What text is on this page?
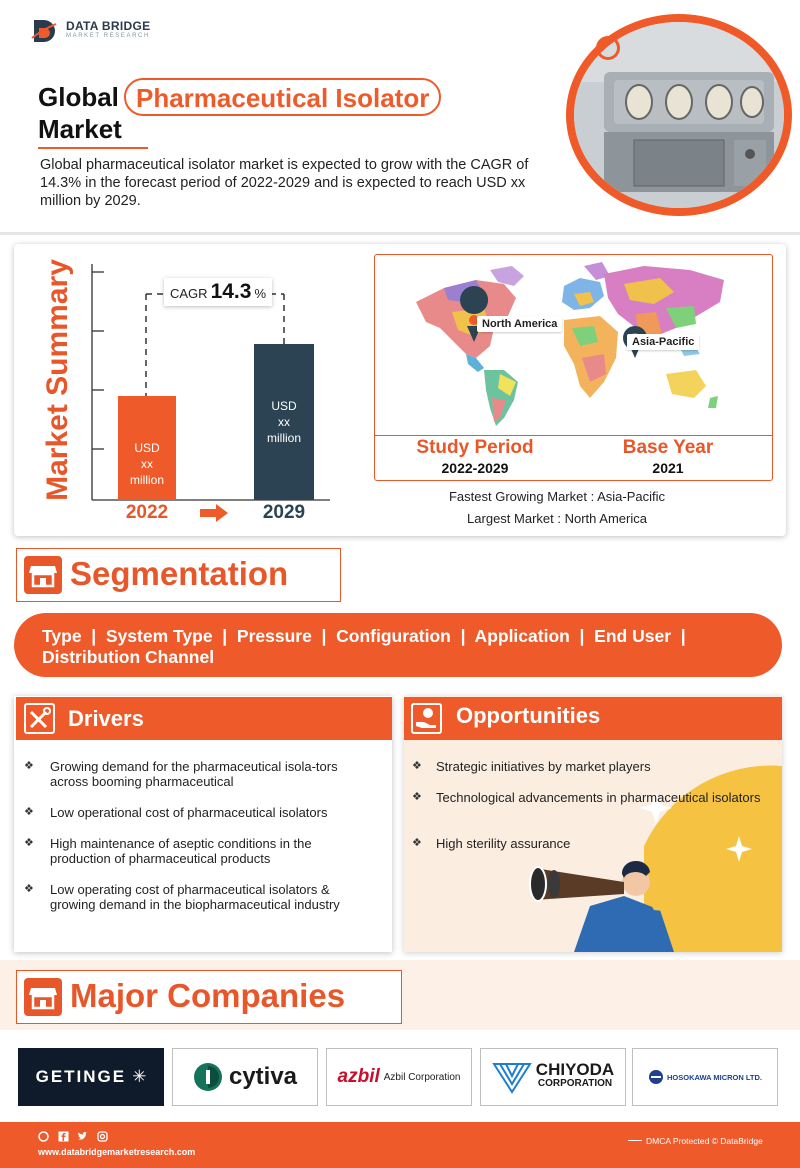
DATA BRIDGE
MARKET RESEARCH
Global Pharmaceutical Isolator
Market
Global pharmaceutical isolator market is expected to grow with the CAGR of 14.3% in the forecast period of 2022-2029 and is expected to reach USD xx million by 2029.
Market Summary	CAGR 14.3 %
USD
xx
million
USD
xx
million
2022	2029
North America
Asia-Pacific
Study Period
2022-2029
Base Year
2021
Fastest Growing Market : Asia-Pacific
Largest Market : North America
Segmentation
Type  |  System Type  |  Pressure  |  Configuration  |  Application  |  End User  |
Distribution Channel
Drivers
❖ Growing demand for the pharmaceutical isola-tors across booming pharmaceutical
❖ Low operational cost of pharmaceutical isolators
❖ High maintenance of aseptic conditions in the production of pharmaceutical products
❖ Low operating cost of pharmaceutical isolators & growing demand in the biopharmaceutical industry
Opportunities
❖ Strategic initiatives by market players
❖ Technological advancements in pharmaceutical isolators
❖ High sterility assurance
Major Companies
GETINGE ✳	cytiva azbil Azbil Corporation	CHIYODA
CORPORATION
HOSOKAWA MICRON LTD.
www.databridgemarketresearch.com
DMCA Protected © DataBridge
